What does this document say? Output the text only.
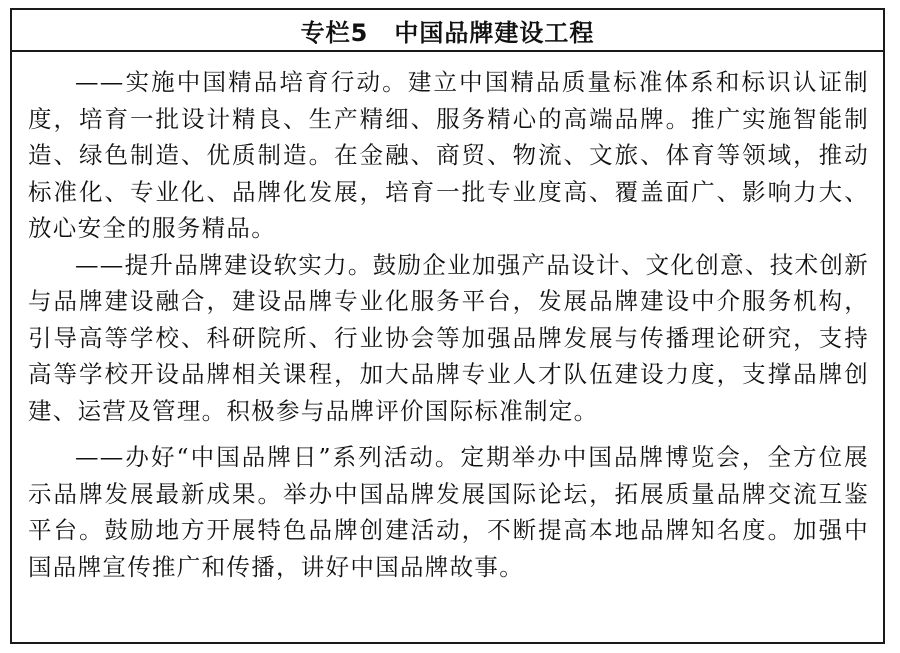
专栏5 中国品牌建设工程

——实施中国精品培育行动。建立中国精品质量标准体系和标识认证制度，培育一批设计精良、生产精细、服务精心的高端品牌。推广实施智能制造、绿色制造、优质制造。在金融、商贸、物流、文旅、体育等领域，推动标准化、专业化、品牌化发展，培育一批专业度高、覆盖面广、影响力大、放心安全的服务精品。

——提升品牌建设软实力。鼓励企业加强产品设计、文化创意、技术创新与品牌建设融合，建设品牌专业化服务平台，发展品牌建设中介服务机构，引导高等学校、科研院所、行业协会等加强品牌发展与传播理论研究，支持高等学校开设品牌相关课程，加大品牌专业人才队伍建设力度，支撑品牌创建、运营及管理。积极参与品牌评价国际标准制定。

——办好“中国品牌日”系列活动。定期举办中国品牌博览会，全方位展示品牌发展最新成果。举办中国品牌发展国际论坛，拓展质量品牌交流互鉴平台。鼓励地方开展特色品牌创建活动，不断提高本地品牌知名度。加强中国品牌宣传推广和传播，讲好中国品牌故事。
